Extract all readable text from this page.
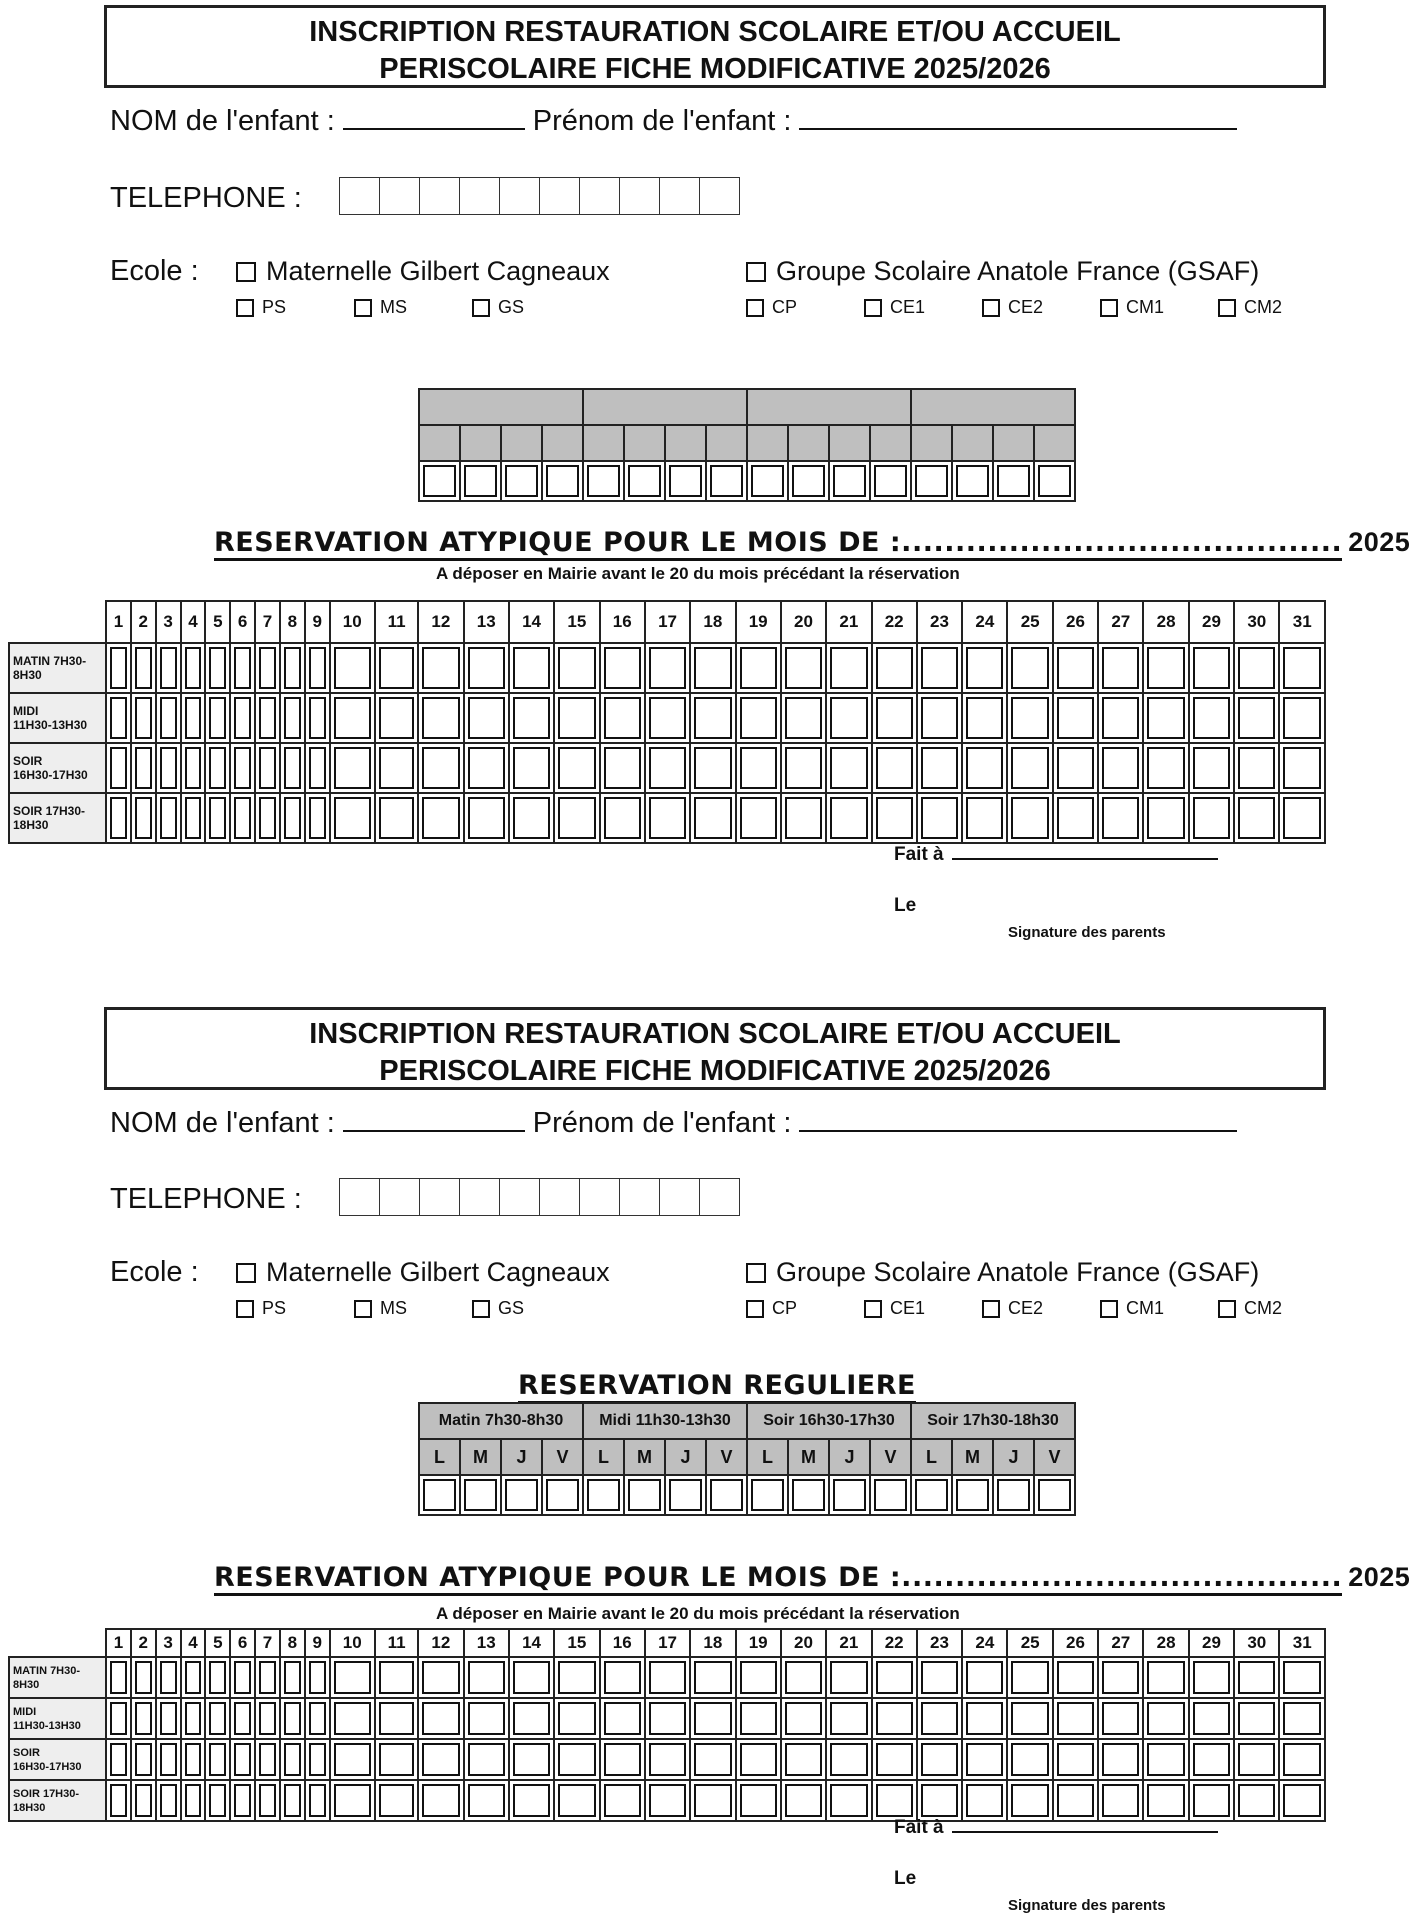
INSCRIPTION RESTAURATION SCOLAIRE ET/OU ACCUEIL
PERISCOLAIRE FICHE MODIFICATIVE 2025/2026
NOM de l'enfant :	Prénom de l'enfant :
TELEPHONE :
Ecole : Maternelle Gilbert Cagneaux	Groupe Scolaire Anatole France (GSAF)
PS	MS	GS	CP	CE1	CE2	CM1	CM2

RESERVATION ATYPIQUE POUR LE MOIS DE :......................................... 2025
A déposer en Mairie avant le 20 du mois précédant la réservation
	1	2	3	4	5	6	7	8	9	10	11	12	13	14	15	16	17	18	19	20	21	22	23	24	25	26	27	28	29	30	31

MATIN 7H30-
8H30																															

MIDI
11H30-13H30																															

SOIR
16H30-17H30																															

SOIR 17H30-
18H30																															

Fait à
Le
Signature des parents
INSCRIPTION RESTAURATION SCOLAIRE ET/OU ACCUEIL
PERISCOLAIRE FICHE MODIFICATIVE 2025/2026
NOM de l'enfant :	Prénom de l'enfant :
TELEPHONE :
Ecole : Maternelle Gilbert Cagneaux	Groupe Scolaire Anatole France (GSAF)
PS	MS	GS	CP	CE1	CE2	CM1	CM2
RESERVATION REGULIERE
Matin 7h30-8h30				Midi 11h30-13h30				Soir 16h30-17h30				Soir 17h30-18h30			
L	M	J	V	L	M	J	V	L	M	J	V	L	M	J	V

RESERVATION ATYPIQUE POUR LE MOIS DE :......................................... 2025
A déposer en Mairie avant le 20 du mois précédant la réservation
	1	2	3	4	5	6	7	8	9	10	11	12	13	14	15	16	17	18	19	20	21	22	23	24	25	26	27	28	29	30	31

MATIN 7H30-
8H30																															

MIDI
11H30-13H30																															

SOIR
16H30-17H30																															

SOIR 17H30-
18H30																															

Fait à
Le
Signature des parents
